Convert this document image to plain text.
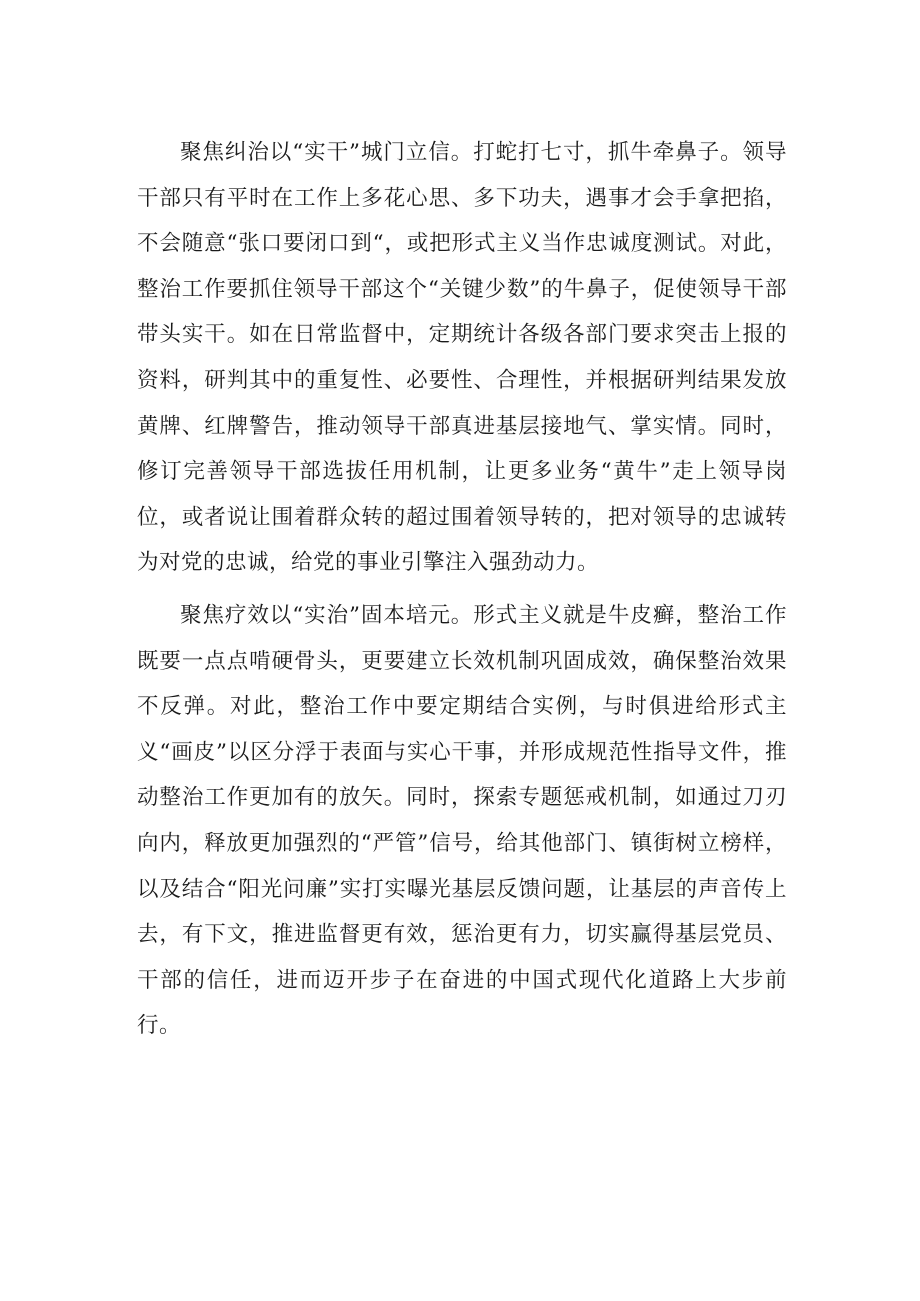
聚焦纠治以“实干”城门立信。打蛇打七寸，抓牛牵鼻子。领导干部只有平时在工作上多花心思、多下功夫，遇事才会手拿把掐，不会随意“张口要闭口到“，或把形式主义当作忠诚度测试。对此，整治工作要抓住领导干部这个“关键少数”的牛鼻子，促使领导干部带头实干。如在日常监督中，定期统计各级各部门要求突击上报的资料，研判其中的重复性、必要性、合理性，并根据研判结果发放黄牌、红牌警告，推动领导干部真进基层接地气、掌实情。同时，修订完善领导干部选拔任用机制，让更多业务“黄牛”走上领导岗位，或者说让围着群众转的超过围着领导转的，把对领导的忠诚转为对党的忠诚，给党的事业引擎注入强劲动力。

聚焦疗效以“实治”固本培元。形式主义就是牛皮癣，整治工作既要一点点啃硬骨头，更要建立长效机制巩固成效，确保整治效果不反弹。对此，整治工作中要定期结合实例，与时俱进给形式主义“画皮”以区分浮于表面与实心干事，并形成规范性指导文件，推动整治工作更加有的放矢。同时，探索专题惩戒机制，如通过刀刃向内，释放更加强烈的“严管”信号，给其他部门、镇街树立榜样，以及结合“阳光问廉”实打实曝光基层反馈问题，让基层的声音传上去，有下文，推进监督更有效，惩治更有力，切实赢得基层党员、干部的信任，进而迈开步子在奋进的中国式现代化道路上大步前行。
